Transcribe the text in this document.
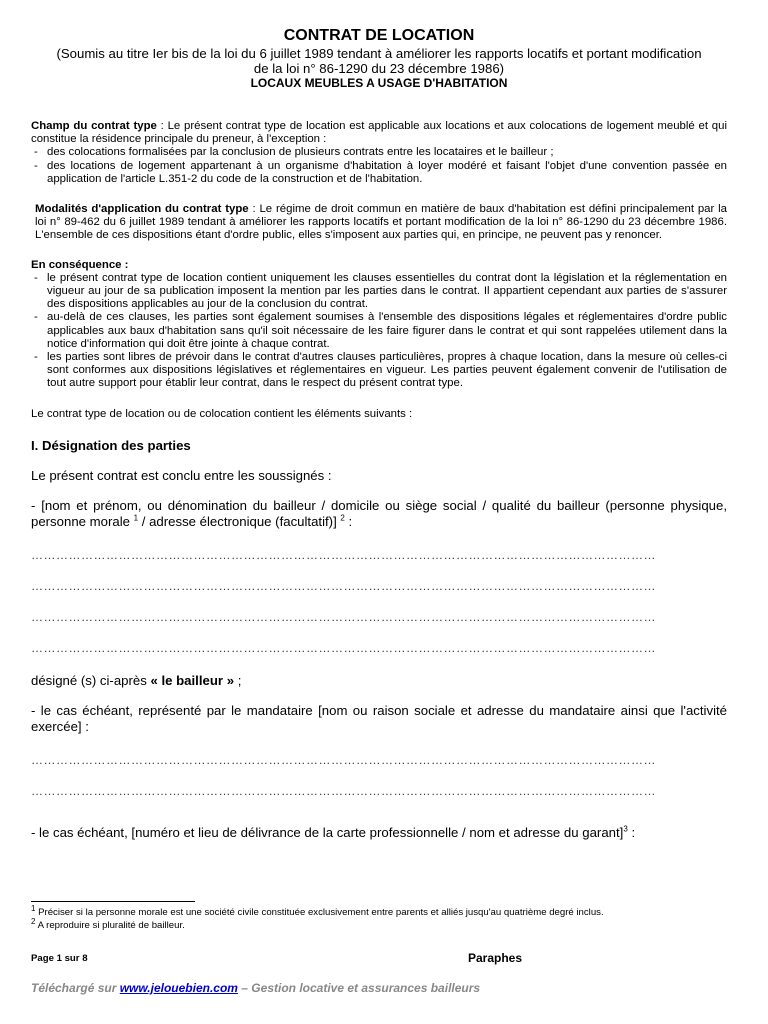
CONTRAT DE LOCATION

(Soumis au titre Ier bis de la loi du 6 juillet 1989 tendant à améliorer les rapports locatifs et portant modification

de la loi n° 86-1290 du 23 décembre 1986)

LOCAUX MEUBLES A USAGE D'HABITATION

Champ du contrat type : Le présent contrat type de location est applicable aux locations et aux colocations de logement meublé et qui constitue la résidence principale du preneur, à l'exception :

- des colocations formalisées par la conclusion de plusieurs contrats entre les locataires et le bailleur ;
- des locations de logement appartenant à un organisme d'habitation à loyer modéré et faisant l'objet d'une convention passée en application de l'article L.351-2 du code de la construction et de l'habitation.

Modalités d'application du contrat type : Le régime de droit commun en matière de baux d'habitation est défini principalement par la loi n° 89-462 du 6 juillet 1989 tendant à améliorer les rapports locatifs et portant modification de la loi n° 86-1290 du 23 décembre 1986. L'ensemble de ces dispositions étant d'ordre public, elles s'imposent aux parties qui, en principe, ne peuvent pas y renoncer.

En conséquence :

- le présent contrat type de location contient uniquement les clauses essentielles du contrat dont la législation et la réglementation en vigueur au jour de sa publication imposent la mention par les parties dans le contrat. Il appartient cependant aux parties de s'assurer des dispositions applicables au jour de la conclusion du contrat.
- au-delà de ces clauses, les parties sont également soumises à l'ensemble des dispositions légales et réglementaires d'ordre public applicables aux baux d'habitation sans qu'il soit nécessaire de les faire figurer dans le contrat et qui sont rappelées utilement dans la notice d'information qui doit être jointe à chaque contrat.
- les parties sont libres de prévoir dans le contrat d'autres clauses particulières, propres à chaque location, dans la mesure où celles-ci sont conformes aux dispositions législatives et réglementaires en vigueur. Les parties peuvent également convenir de l'utilisation de tout autre support pour établir leur contrat, dans le respect du présent contrat type.

Le contrat type de location ou de colocation contient les éléments suivants :

I. Désignation des parties

Le présent contrat est conclu entre les soussignés :

- [nom et prénom, ou dénomination du bailleur / domicile ou siège social / qualité du bailleur (personne physique, personne morale $^1$ / adresse électronique (facultatif)] $^2$ :

……………………………………………………………………………………………………………………………………
……………………………………………………………………………………………………………………………………
……………………………………………………………………………………………………………………………………
……………………………………………………………………………………………………………………………………

désigné (s) ci-après « le bailleur » ;

- le cas échéant, représenté par le mandataire [nom ou raison sociale et adresse du mandataire ainsi que l'activité exercée] :

……………………………………………………………………………………………………………………………………
……………………………………………………………………………………………………………………………………

- le cas échéant, [numéro et lieu de délivrance de la carte professionnelle / nom et adresse du garant]$^3$ :

$^1$ Préciser si la personne morale est une société civile constituée exclusivement entre parents et alliés jusqu'au quatrième degré inclus.
$^2$ A reproduire si pluralité de bailleur.
Page 1 sur 8	Paraphes
Téléchargé sur www.jelouebien.com – Gestion locative et assurances bailleurs
